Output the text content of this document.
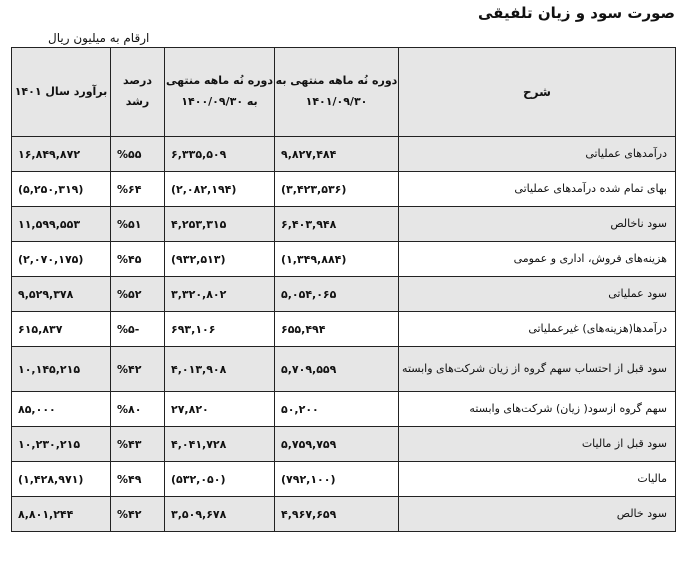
صورت سود و زیان تلفیقی
ارقام به میلیون ریال
شرح	دوره نُه ماهه منتهی به ۱۴۰۱/۰۹/۳۰	دوره نُه ماهه منتهی به ۱۴۰۰/۰۹/۳۰	درصد رشد	برآورد سال ۱۴۰۱
درآمدهای عملیاتی	۹,۸۲۷,۴۸۴	۶,۳۳۵,۵۰۹	%۵۵	۱۶,۸۴۹,۸۷۲
بهای تمام شده درآمدهای عملیاتی	(۳,۴۲۳,۵۳۶)	(۲,۰۸۲,۱۹۴)	%۶۴	(۵,۲۵۰,۳۱۹)
سود ناخالص	۶,۴۰۳,۹۴۸	۴,۲۵۳,۳۱۵	%۵۱	۱۱,۵۹۹,۵۵۳
هزینه‌های فروش، اداری و عمومی	(۱,۳۴۹,۸۸۴)	(۹۳۲,۵۱۳)	%۴۵	(۲,۰۷۰,۱۷۵)
سود عملیاتی	۵,۰۵۴,۰۶۵	۳,۳۲۰,۸۰۲	%۵۲	۹,۵۲۹,۳۷۸
درآمدها(هزینه‌های) غیرعملیاتی	۶۵۵,۴۹۴	۶۹۳,۱۰۶	%۵-	۶۱۵,۸۳۷
سود قبل از احتساب سهم گروه از زیان شرکت‌های وابسته	۵,۷۰۹,۵۵۹	۴,۰۱۳,۹۰۸	%۴۲	۱۰,۱۴۵,۲۱۵
سهم گروه ازسود( زیان) شرکت‌های وابسته	۵۰,۲۰۰	۲۷,۸۲۰	%۸۰	۸۵,۰۰۰
سود قبل از مالیات	۵,۷۵۹,۷۵۹	۴,۰۴۱,۷۲۸	%۴۳	۱۰,۲۳۰,۲۱۵
مالیات	(۷۹۲,۱۰۰)	(۵۳۲,۰۵۰)	%۴۹	(۱,۴۲۸,۹۷۱)
سود خالص	۴,۹۶۷,۶۵۹	۳,۵۰۹,۶۷۸	%۴۲	۸,۸۰۱,۲۴۴
